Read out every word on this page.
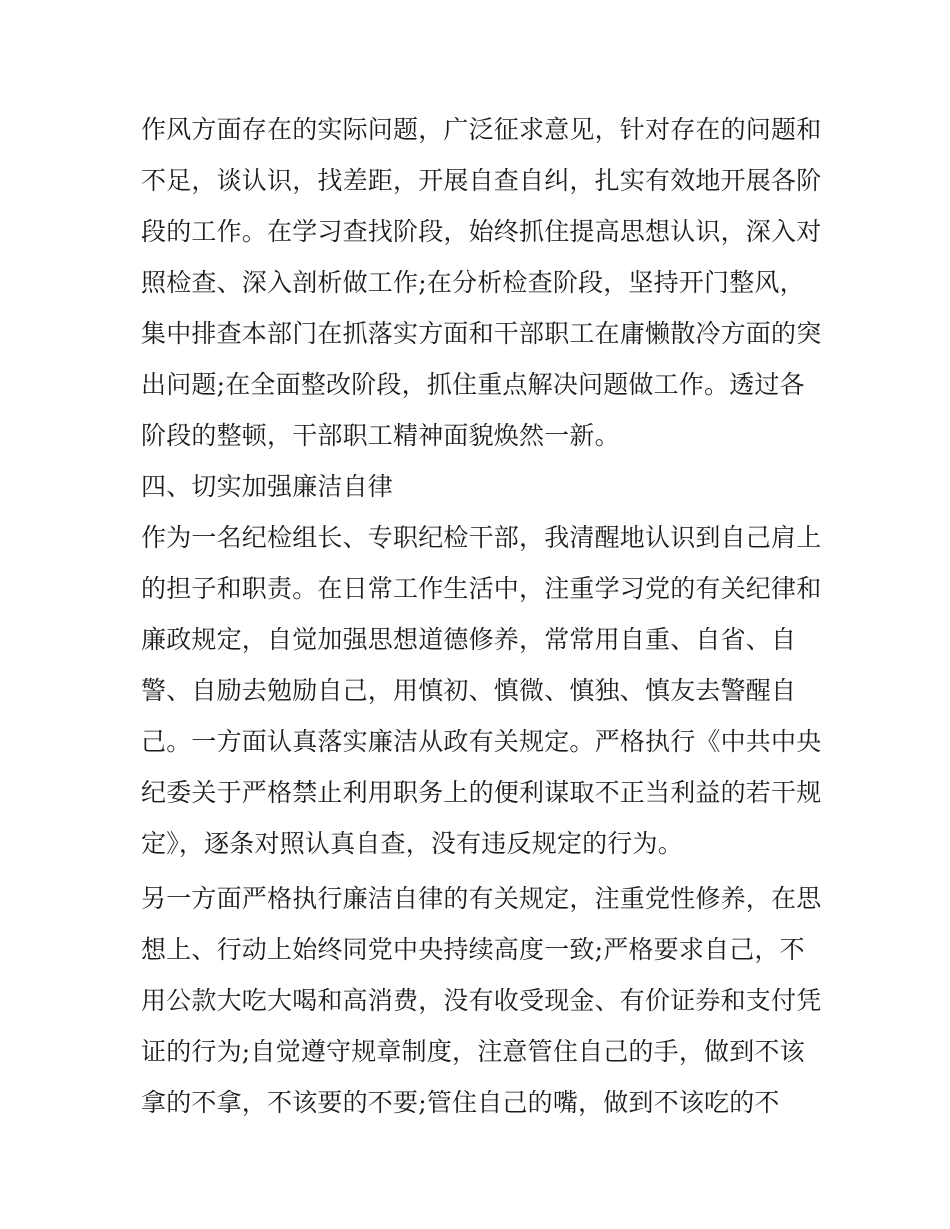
作风方面存在的实际问题，广泛征求意见，针对存在的问题和
不足，谈认识，找差距，开展自查自纠，扎实有效地开展各阶
段的工作。在学习查找阶段，始终抓住提高思想认识，深入对
照检查、深入剖析做工作;在分析检查阶段，坚持开门整风，
集中排查本部门在抓落实方面和干部职工在庸懒散冷方面的突
出问题;在全面整改阶段，抓住重点解决问题做工作。透过各
阶段的整顿，干部职工精神面貌焕然一新。
四、切实加强廉洁自律
作为一名纪检组长、专职纪检干部，我清醒地认识到自己肩上
的担子和职责。在日常工作生活中，注重学习党的有关纪律和
廉政规定，自觉加强思想道德修养，常常用自重、自省、自
警、自励去勉励自己，用慎初、慎微、慎独、慎友去警醒自
己。一方面认真落实廉洁从政有关规定。严格执行《中共中央
纪委关于严格禁止利用职务上的便利谋取不正当利益的若干规
定》，逐条对照认真自查，没有违反规定的行为。
另一方面严格执行廉洁自律的有关规定，注重党性修养，在思
想上、行动上始终同党中央持续高度一致;严格要求自己，不
用公款大吃大喝和高消费，没有收受现金、有价证券和支付凭
证的行为;自觉遵守规章制度，注意管住自己的手，做到不该
拿的不拿，不该要的不要;管住自己的嘴，做到不该吃的不
